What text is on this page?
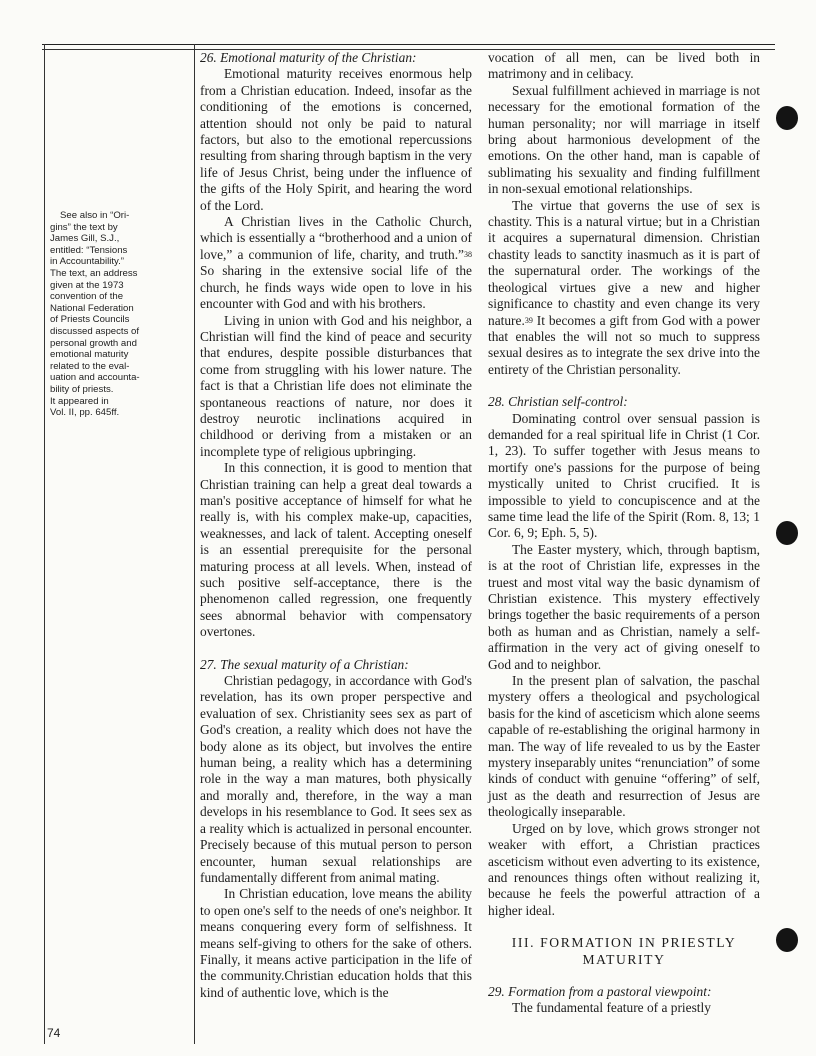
See also in “Ori-
gins” the text by
James Gill, S.J.,
entitled: “Tensions
in Accountability.”
The text, an address
given at the 1973
convention of the
National Federation
of Priests Councils
discussed aspects of
personal growth and
emotional maturity
related to the eval-
uation and accounta-
bility of priests.
It appeared in
Vol. II, pp. 645ff.

74
26. Emotional maturity of the Christian:

Emotional maturity receives enormous help from a Christian education. Indeed, insofar as the conditioning of the emotions is concerned, attention should not only be paid to natural factors, but also to the emotional repercussions resulting from sharing through baptism in the very life of Jesus Christ, being under the influence of the gifts of the Holy Spirit, and hearing the word of the Lord.

A Christian lives in the Catholic Church, which is essentially a “brotherhood and a union of love,” a communion of life, charity, and truth.”$^{38}$ So sharing in the extensive social life of the church, he finds ways wide open to love in his encounter with God and with his brothers.

Living in union with God and his neighbor, a Christian will find the kind of peace and security that endures, despite possible disturbances that come from struggling with his lower nature. The fact is that a Christian life does not eliminate the spontaneous reactions of nature, nor does it destroy neurotic inclinations acquired in childhood or deriving from a mistaken or an incomplete type of religious upbringing.

In this connection, it is good to mention that Christian training can help a great deal towards a man's positive acceptance of himself for what he really is, with his complex make-up, capacities, weaknesses, and lack of talent. Accepting oneself is an essential prerequisite for the personal maturing process at all levels. When, instead of such positive self-acceptance, there is the phenomenon called regression, one frequently sees abnormal behavior with compensatory overtones.

27. The sexual maturity of a Christian:

Christian pedagogy, in accordance with God's revelation, has its own proper perspective and evaluation of sex. Christianity sees sex as part of God's creation, a reality which does not have the body alone as its object, but involves the entire human being, a reality which has a determining role in the way a man matures, both physically and morally and, therefore, in the way a man develops in his resemblance to God. It sees sex as a reality which is actualized in personal encounter. Precisely because of this mutual person to person encounter, human sexual relationships are fundamentally different from animal mating.

In Christian education, love means the ability to open one's self to the needs of one's neighbor. It means conquering every form of selfishness. It means self-giving to others for the sake of others. Finally, it means active participation in the life of the community.Christian education holds that this kind of authentic love, which is the

vocation of all men, can be lived both in matrimony and in celibacy.

Sexual fulfillment achieved in marriage is not necessary for the emotional formation of the human personality; nor will marriage in itself bring about harmonious development of the emotions. On the other hand, man is capable of sublimating his sexuality and finding fulfillment in non-sexual emotional relationships.

The virtue that governs the use of sex is chastity. This is a natural virtue; but in a Christian it acquires a supernatural dimension. Christian chastity leads to sanctity inasmuch as it is part of the supernatural order. The workings of the theological virtues give a new and higher significance to chastity and even change its very nature.$^{39}$ It becomes a gift from God with a power that enables the will not so much to suppress sexual desires as to integrate the sex drive into the entirety of the Christian personality.

28. Christian self-control:

Dominating control over sensual passion is demanded for a real spiritual life in Christ (1 Cor. 1, 23). To suffer together with Jesus means to mortify one's passions for the purpose of being mystically united to Christ crucified. It is impossible to yield to concupiscence and at the same time lead the life of the Spirit (Rom. 8, 13; 1 Cor. 6, 9; Eph. 5, 5).

The Easter mystery, which, through baptism, is at the root of Christian life, expresses in the truest and most vital way the basic dynamism of Christian existence. This mystery effectively brings together the basic requirements of a person both as human and as Christian, namely a self-affirmation in the very act of giving oneself to God and to neighbor.

In the present plan of salvation, the paschal mystery offers a theological and psychological basis for the kind of asceticism which alone seems capable of re-establishing the original harmony in man. The way of life revealed to us by the Easter mystery inseparably unites “renunciation” of some kinds of conduct with genuine “offering” of self, just as the death and resurrection of Jesus are theologically inseparable.

Urged on by love, which grows stronger not weaker with effort, a Christian practices asceticism without even adverting to its existence, and renounces things often without realizing it, because he feels the powerful attraction of a higher ideal.

III. FORMATION IN PRIESTLY
MATURITY
29. Formation from a pastoral viewpoint:

The fundamental feature of a priestly
